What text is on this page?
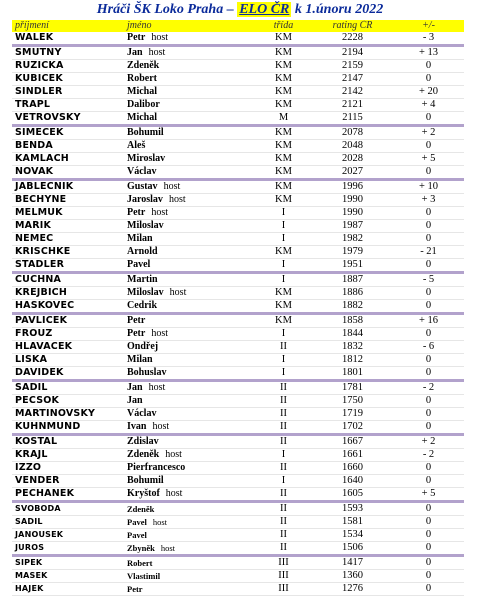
Hráči ŠK Loko Praha – ELO ČR k 1.únoru 2022
příjmení	jméno	třída	rating ČR	+/-
WALEK	Petr host	KM	2228	- 3
SMUTNY	Jan host	KM	2194	+ 13
RUZICKA	Zdeněk	KM	2159	0
KUBICEK	Robert	KM	2147	0
SINDLER	Michal	KM	2142	+ 20
TRAPL	Dalibor	KM	2121	+ 4
VETROVSKY	Michal	M	2115	0
SIMECEK	Bohumil	KM	2078	+ 2
BENDA	Aleš	KM	2048	0
KAMLACH	Miroslav	KM	2028	+ 5
NOVAK	Václav	KM	2027	0
JABLECNIK	Gustav host	KM	1996	+ 10
BECHYNE	Jaroslav host	KM	1990	+ 3
MELMUK	Petr host	I	1990	0
MARIK	Miloslav	I	1987	0
NEMEC	Milan	I	1982	0
KRISCHKE	Arnold	KM	1979	- 21
STADLER	Pavel	I	1951	0
CUCHNA	Martin	I	1887	- 5
KREJBICH	Miloslav host	KM	1886	0
HASKOVEC	Cedrik	KM	1882	0
PAVLICEK	Petr	KM	1858	+ 16
FROUZ	Petr host	I	1844	0
HLAVACEK	Ondřej	II	1832	- 6
LISKA	Milan	I	1812	0
DAVIDEK	Bohuslav	I	1801	0
SADIL	Jan host	II	1781	- 2
PECSOK	Jan	II	1750	0
MARTINOVSKY	Václav	II	1719	0
KUHNMUND	Ivan host	II	1702	0
KOSTAL	Zdislav	II	1667	+ 2
KRAJL	Zdeněk host	I	1661	- 2
IZZO	Pierfrancesco	II	1660	0
VENDER	Bohumil	I	1640	0
PECHANEK	Kryštof host	II	1605	+ 5
SVOBODA	Zdeněk	II	1593	0
SADIL	Pavel host	II	1581	0
JANOUSEK	Pavel	II	1534	0
JUROS	Zbyněk host	II	1506	0
SIPEK	Robert	III	1417	0
MASEK	Vlastimil	III	1360	0
HAJEK	Petr	III	1276	0
